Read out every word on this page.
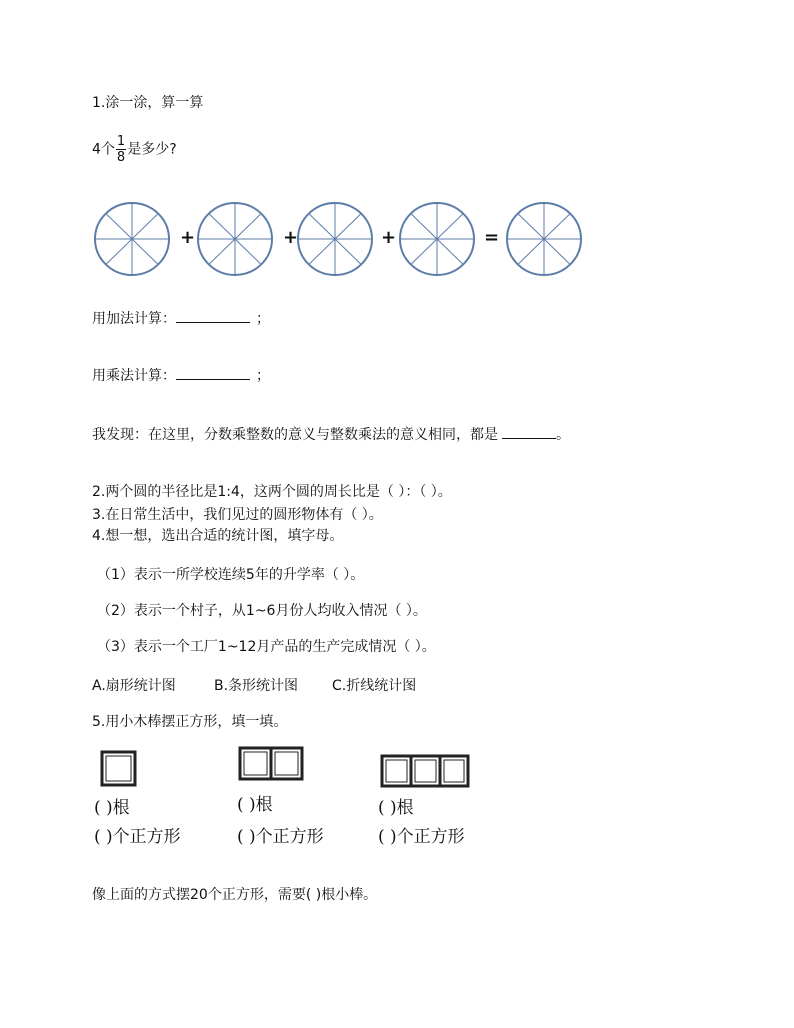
1.涂一涂，算一算
4个 $\frac{1}{8}$ 是多少?
+	+	+	=
用加法计算：	；
用乘法计算：	；
我发现：在这里，分数乘整数的意义与整数乘法的意义相同，都是	。
2.两个圆的半径比是1:4，这两个圆的周长比是（ ）：（ ）。
3.在日常生活中，我们见过的圆形物体有（ ）。
4.想一想，选出合适的统计图，填字母。
（1）表示一所学校连续5年的升学率（ ）。
（2）表示一个村子，从1~6月份人均收入情况（ ）。
（3）表示一个工厂1~12月产品的生产完成情况（ ）。
A.扇形统计图	B.条形统计图 C.折线统计图
5.用小木棒摆正方形，填一填。
( )根	( )根	( )根
( )个正方形	( )个正方形	( )个正方形
像上面的方式摆20个正方形，需要( )根小棒。
